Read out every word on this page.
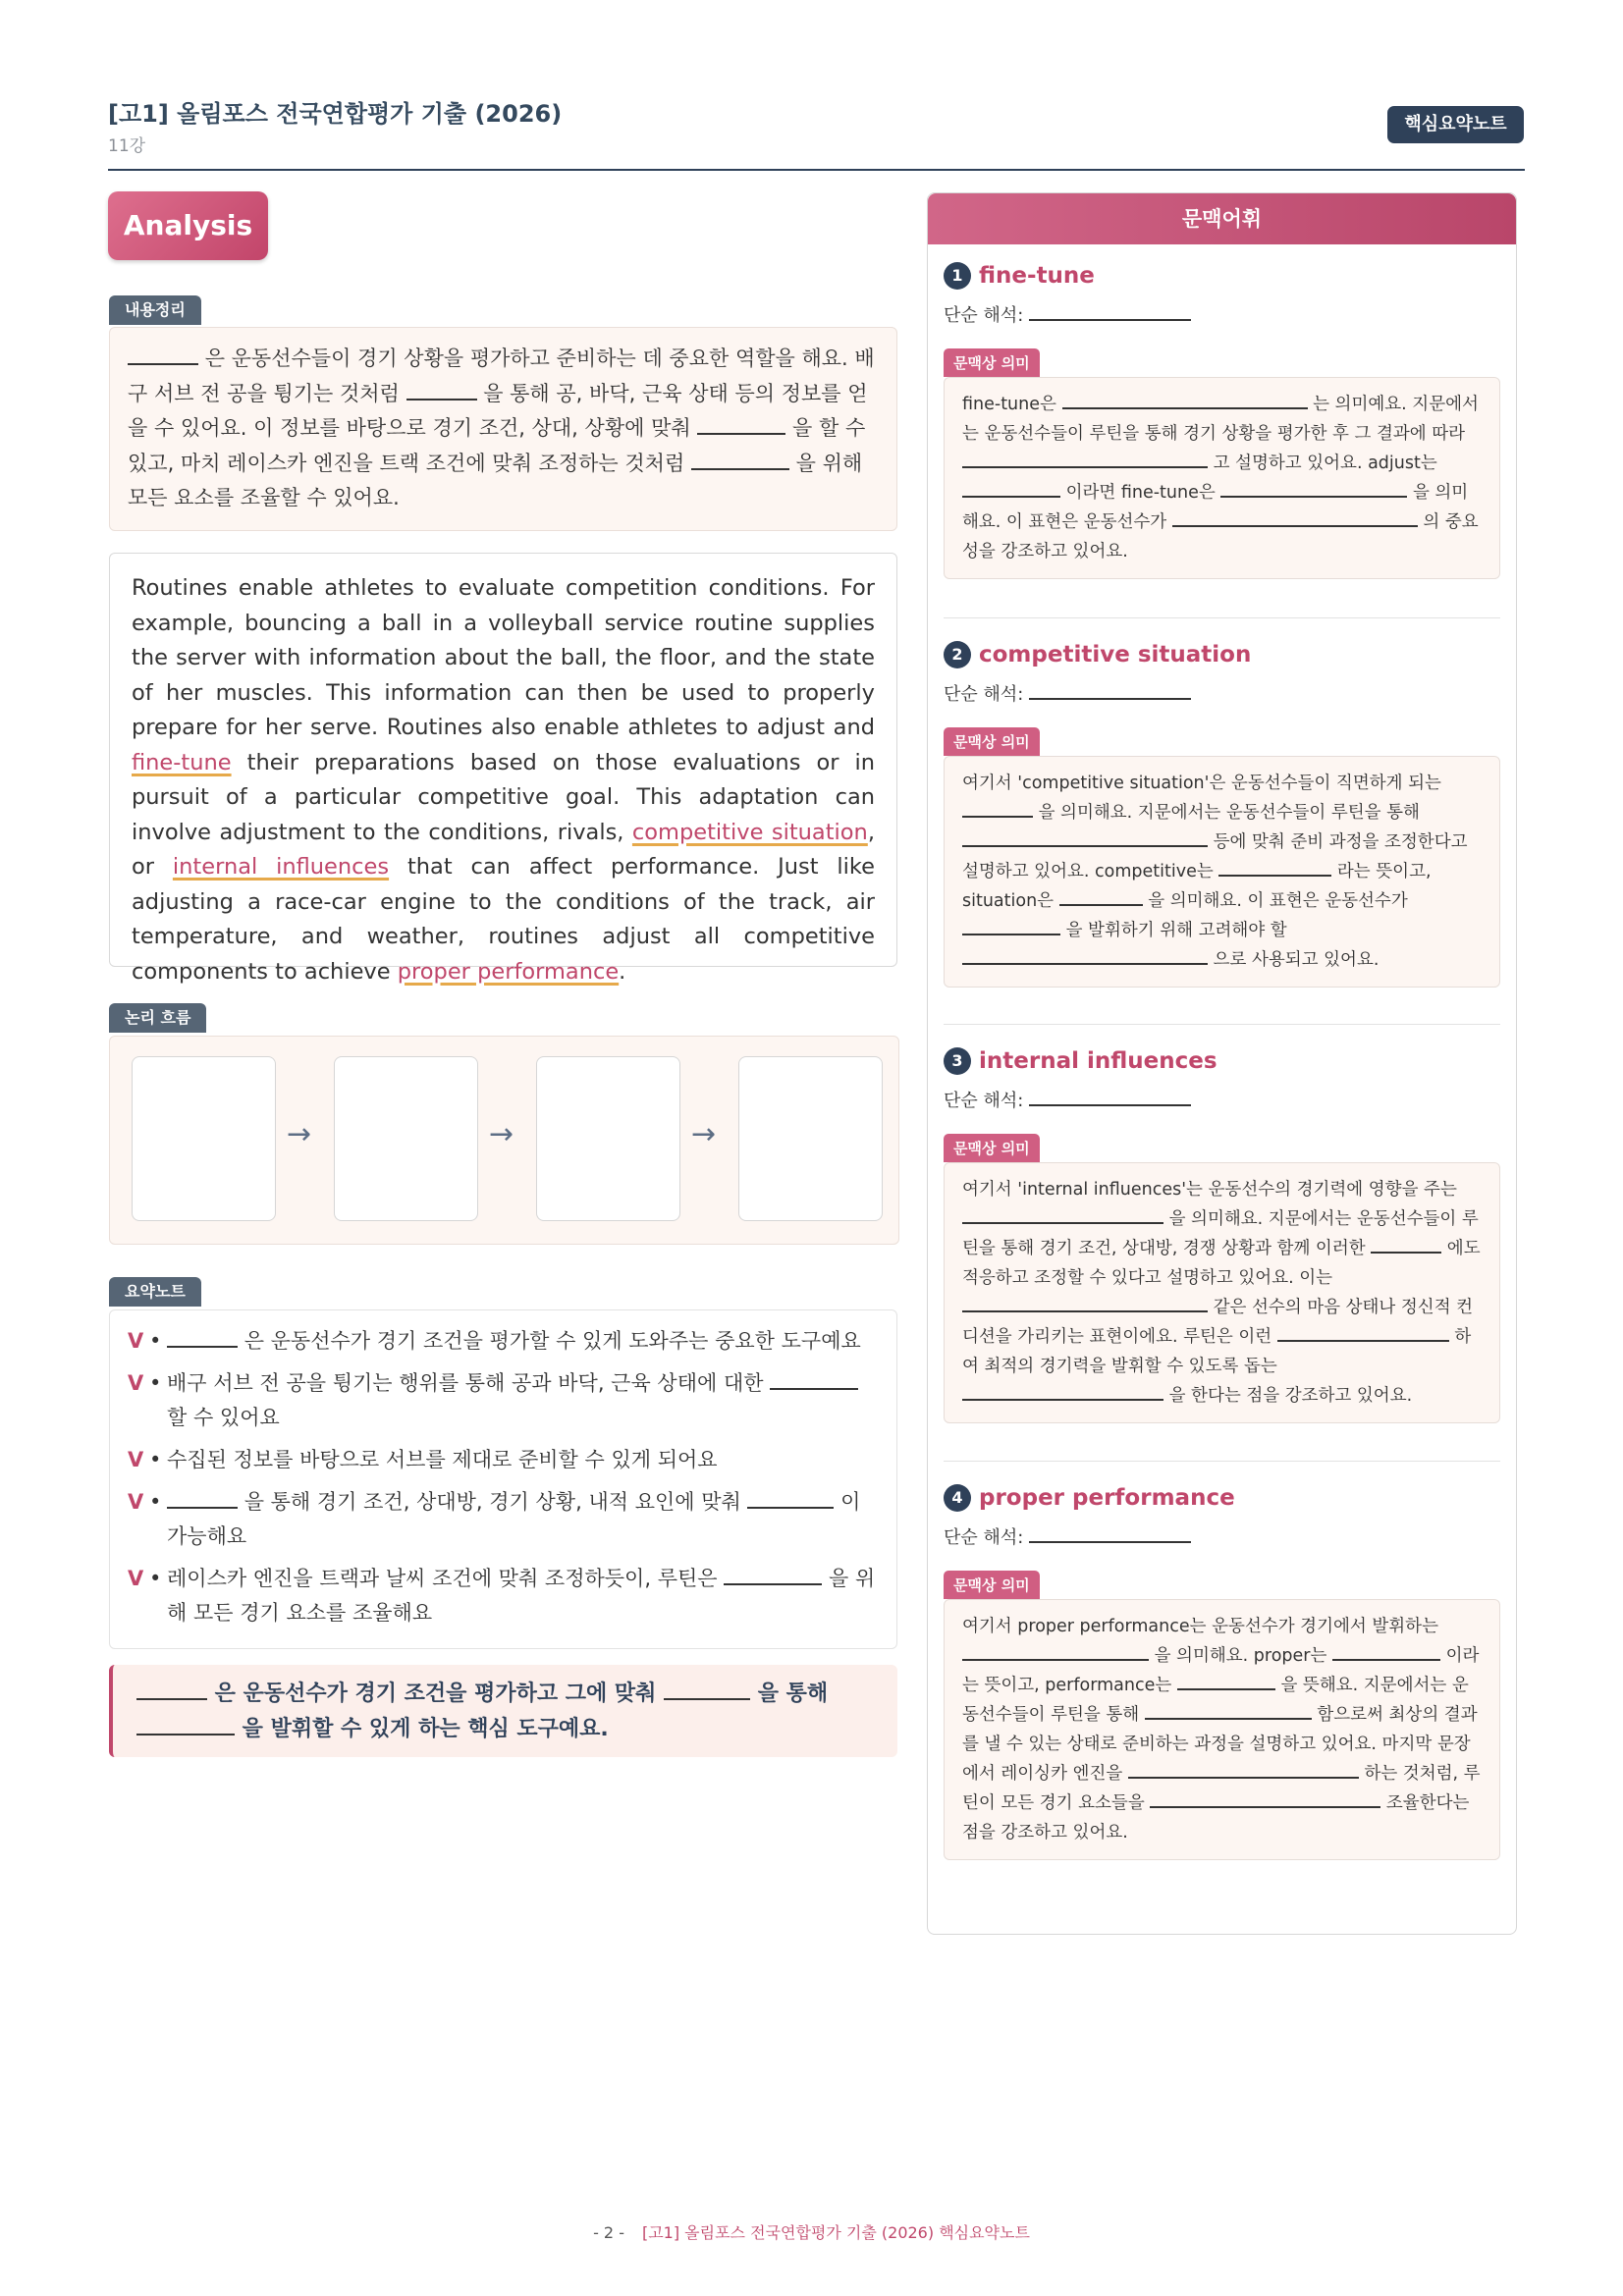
[고1] 올림포스 전국연합평가 기출 (2026)
11강
핵심요약노트
Analysis
내용정리
은 운동선수들이 경기 상황을 평가하고 준비하는 데 중요한 역할을 해요. 배구 서브 전 공을 튕기는 것처럼	을 통해 공, 바닥, 근육 상태 등의 정보를 얻을 수 있어요. 이 정보를 바탕으로 경기 조건, 상대, 상황에 맞춰	을 할 수 있고, 마치 레이스카 엔진을 트랙 조건에 맞춰 조정하는 것처럼	을 위해 모든 요소를 조율할 수 있어요.
Routines enable athletes to evaluate competition conditions. For example, bouncing a ball in a volleyball service routine supplies the server with information about the ball, the floor, and the state of her muscles. This information can then be used to properly prepare for her serve. Routines also enable athletes to adjust and fine-tune their preparations based on those evaluations or in pursuit of a particular competitive goal. This adaptation can involve adjustment to the conditions, rivals, competitive situation, or internal influences that can affect performance. Just like adjusting a race-car engine to the conditions of the track, air temperature, and weather, routines adjust all competitive components to achieve proper performance.
논리 흐름
→	→	→
요약노트
V •	은 운동선수가 경기 조건을 평가할 수 있게 도와주는 중요한 도구예요
V • 배구 서브 전 공을 튕기는 행위를 통해 공과 바닥, 근육 상태에 대한  할 수 있어요
V • 수집된 정보를 바탕으로 서브를 제대로 준비할 수 있게 되어요
V •	을 통해 경기 조건, 상대방, 경기 상황, 내적 요인에 맞춰	이 가능해요
V • 레이스카 엔진을 트랙과 날씨 조건에 맞춰 조정하듯이, 루틴은	을 위해 모든 경기 요소를 조율해요
은 운동선수가 경기 조건을 평가하고 그에 맞춰	을 통해
을 발휘할 수 있게 하는 핵심 도구예요.
문맥어휘
1 fine-tune
단순 해석:
문맥상 의미
fine-tune은	는 의미예요. 지문에서는 운동선수들이 루틴을 통해 경기 상황을 평가한 후 그 결과에 따라  고 설명하고 있어요. adjust는  이라면 fine-tune은	을 의미해요. 이 표현은 운동선수가	의 중요성을 강조하고 있어요.
2 competitive situation
단순 해석:
문맥상 의미
여기서 'competitive situation'은 운동선수들이 직면하게 되는  을 의미해요. 지문에서는 운동선수들이 루틴을 통해  등에 맞춰 준비 과정을 조정한다고 설명하고 있어요. competitive는	라는 뜻이고, situation은	을 의미해요. 이 표현은 운동선수가  을 발휘하기 위해 고려해야 할  으로 사용되고 있어요.
3 internal influences
단순 해석:
문맥상 의미
여기서 'internal influences'는 운동선수의 경기력에 영향을 주는  을 의미해요. 지문에서는 운동선수들이 루틴을 통해 경기 조건, 상대방, 경쟁 상황과 함께 이러한	에도 적응하고 조정할 수 있다고 설명하고 있어요. 이는  같은 선수의 마음 상태나 정신적 컨디션을 가리키는 표현이에요. 루틴은 이런	하여 최적의 경기력을 발휘할 수 있도록 돕는  을 한다는 점을 강조하고 있어요.
4 proper performance
단순 해석:
문맥상 의미
여기서 proper performance는 운동선수가 경기에서 발휘하는  을 의미해요. proper는	이라는 뜻이고, performance는	을 뜻해요. 지문에서는 운동선수들이 루틴을 통해	함으로써 최상의 결과를 낼 수 있는 상태로 준비하는 과정을 설명하고 있어요. 마지막 문장에서 레이싱카 엔진을	하는 것처럼, 루틴이 모든 경기 요소들을	조율한다는 점을 강조하고 있어요.
- 2 - [고1] 올림포스 전국연합평가 기출 (2026) 핵심요약노트
